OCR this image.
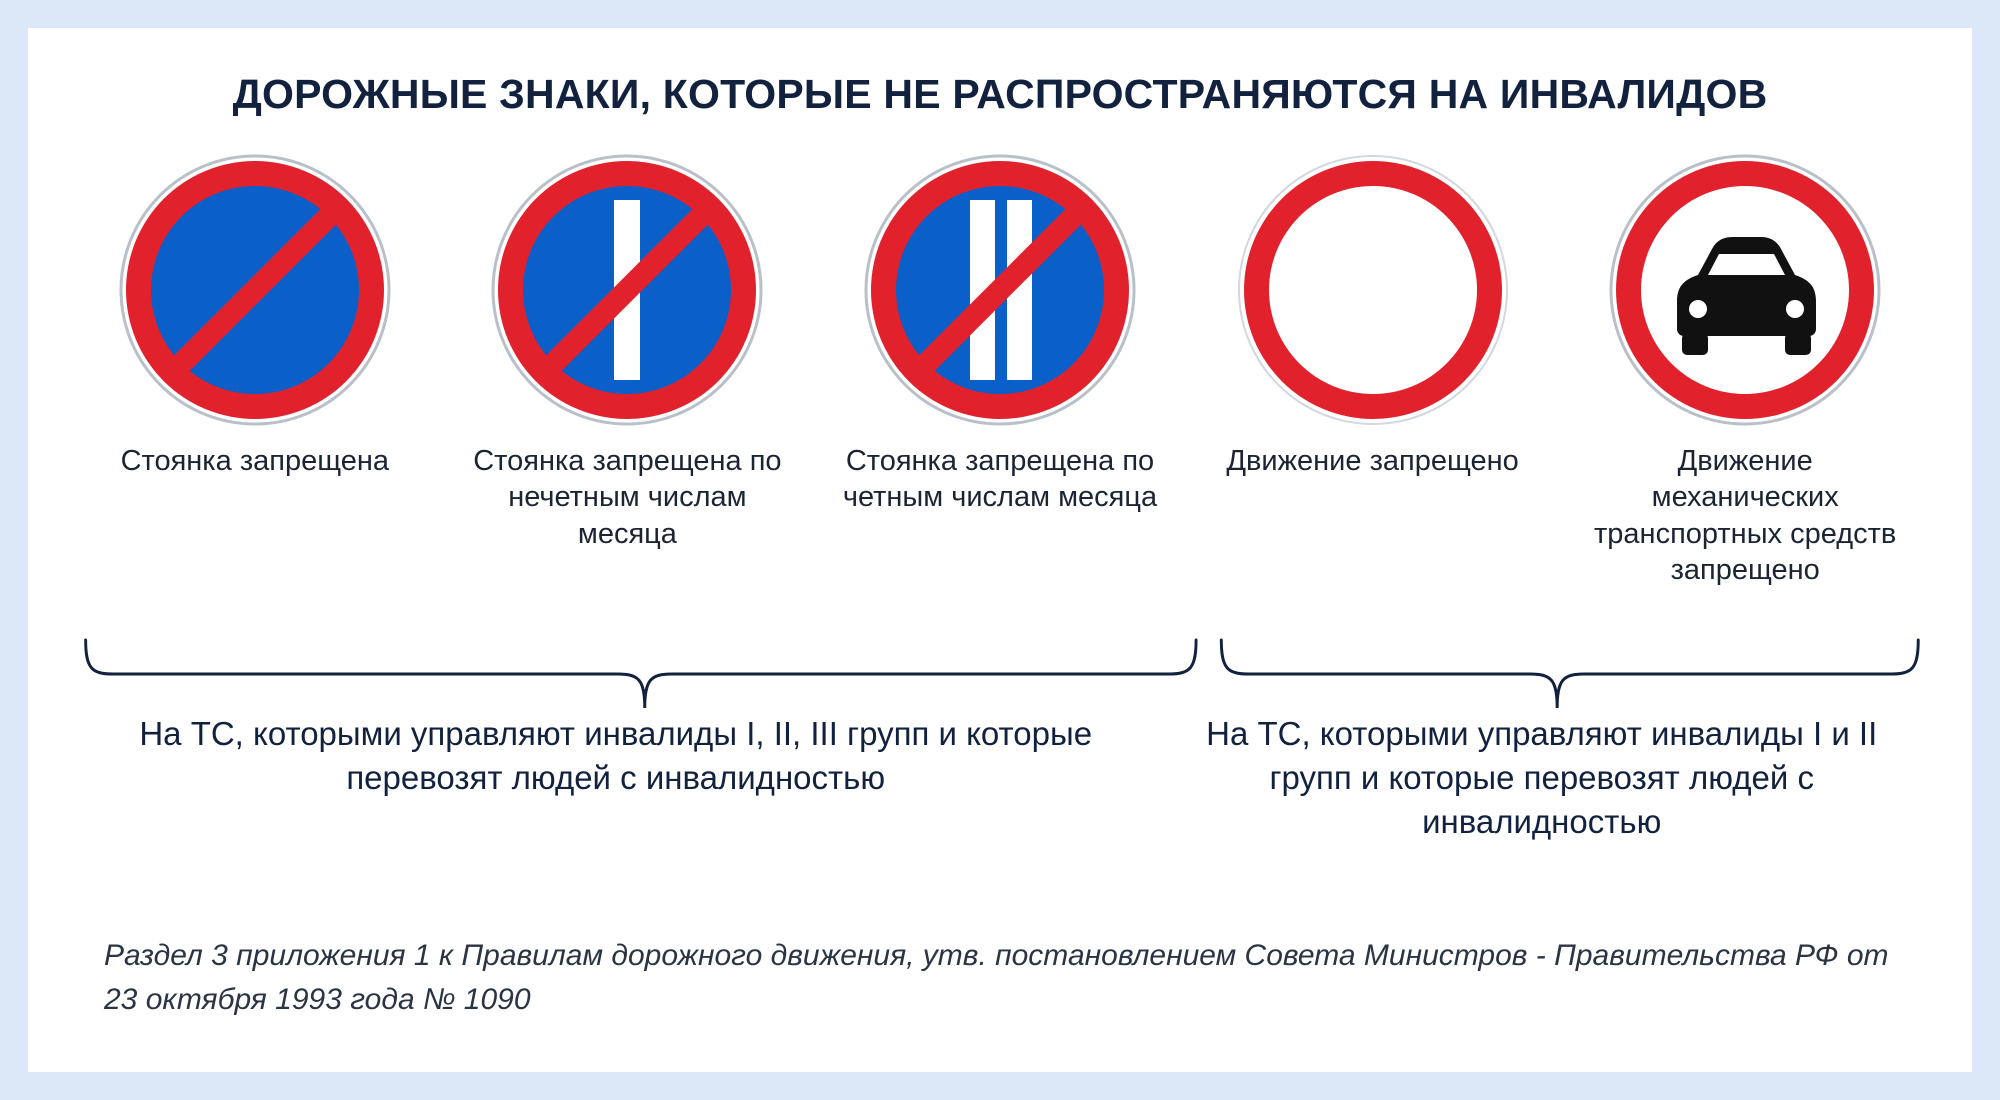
ДОРОЖНЫЕ ЗНАКИ, КОТОРЫЕ НЕ РАСПРОСТРАНЯЮТСЯ НА ИНВАЛИДОВ
Стоянка запрещена	Стоянка запрещена по нечетным числам месяца
Стоянка запрещена по четным числам месяца
Движение запрещено	Движение механических транспортных средств запрещено
На ТС, которыми управляют инвалиды I, II, III групп и которые перевозят людей с инвалидностью
На ТС, которыми управляют инвалиды I и II групп и которые перевозят людей с инвалидностью
Раздел 3 приложения 1 к Правилам дорожного движения, утв. постановлением Совета Министров - Правительства РФ от 23 октября 1993 года № 1090
